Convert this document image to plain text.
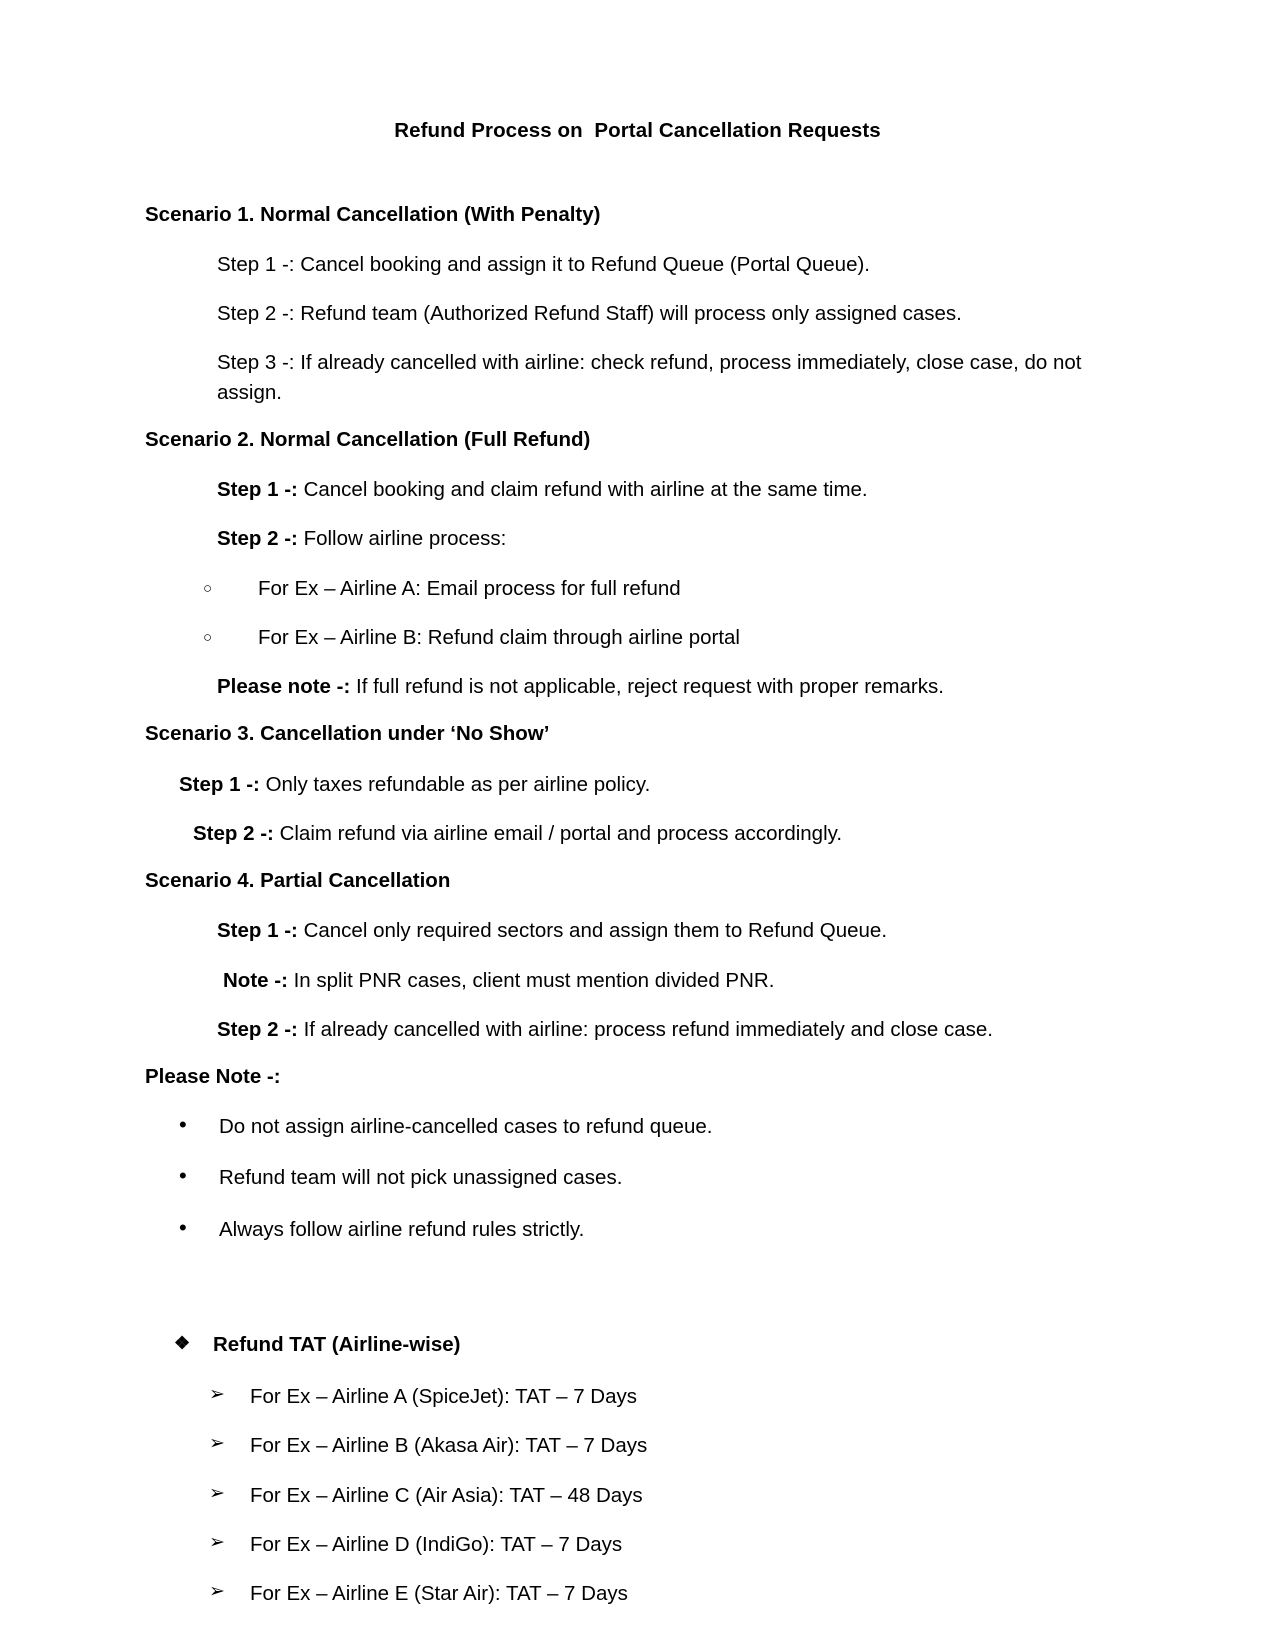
Refund Process on  Portal Cancellation Requests
Scenario 1. Normal Cancellation (With Penalty)

Step 1 -: Cancel booking and assign it to Refund Queue (Portal Queue).

Step 2 -: Refund team (Authorized Refund Staff) will process only assigned cases.

Step 3 -: If already cancelled with airline: check refund, process immediately, close case, do not assign.

Scenario 2. Normal Cancellation (Full Refund)

Step 1 -: Cancel booking and claim refund with airline at the same time.

Step 2 -: Follow airline process:

○ For Ex – Airline A: Email process for full refund
○ For Ex – Airline B: Refund claim through airline portal

Please note -: If full refund is not applicable, reject request with proper remarks.

Scenario 3. Cancellation under ‘No Show’

Step 1 -: Only taxes refundable as per airline policy.

Step 2 -: Claim refund via airline email / portal and process accordingly.

Scenario 4. Partial Cancellation

Step 1 -: Cancel only required sectors and assign them to Refund Queue.

Note -: In split PNR cases, client must mention divided PNR.

Step 2 -: If already cancelled with airline: process refund immediately and close case.

Please Note -:
• Do not assign airline-cancelled cases to refund queue.
• Refund team will not pick unassigned cases.
• Always follow airline refund rules strictly.
❖ Refund TAT (Airline-wise)
➢ For Ex – Airline A (SpiceJet): TAT – 7 Days
➢ For Ex – Airline B (Akasa Air): TAT – 7 Days
➢ For Ex – Airline C (Air Asia): TAT – 48 Days
➢ For Ex – Airline D (IndiGo): TAT – 7 Days
➢ For Ex – Airline E (Star Air): TAT – 7 Days
